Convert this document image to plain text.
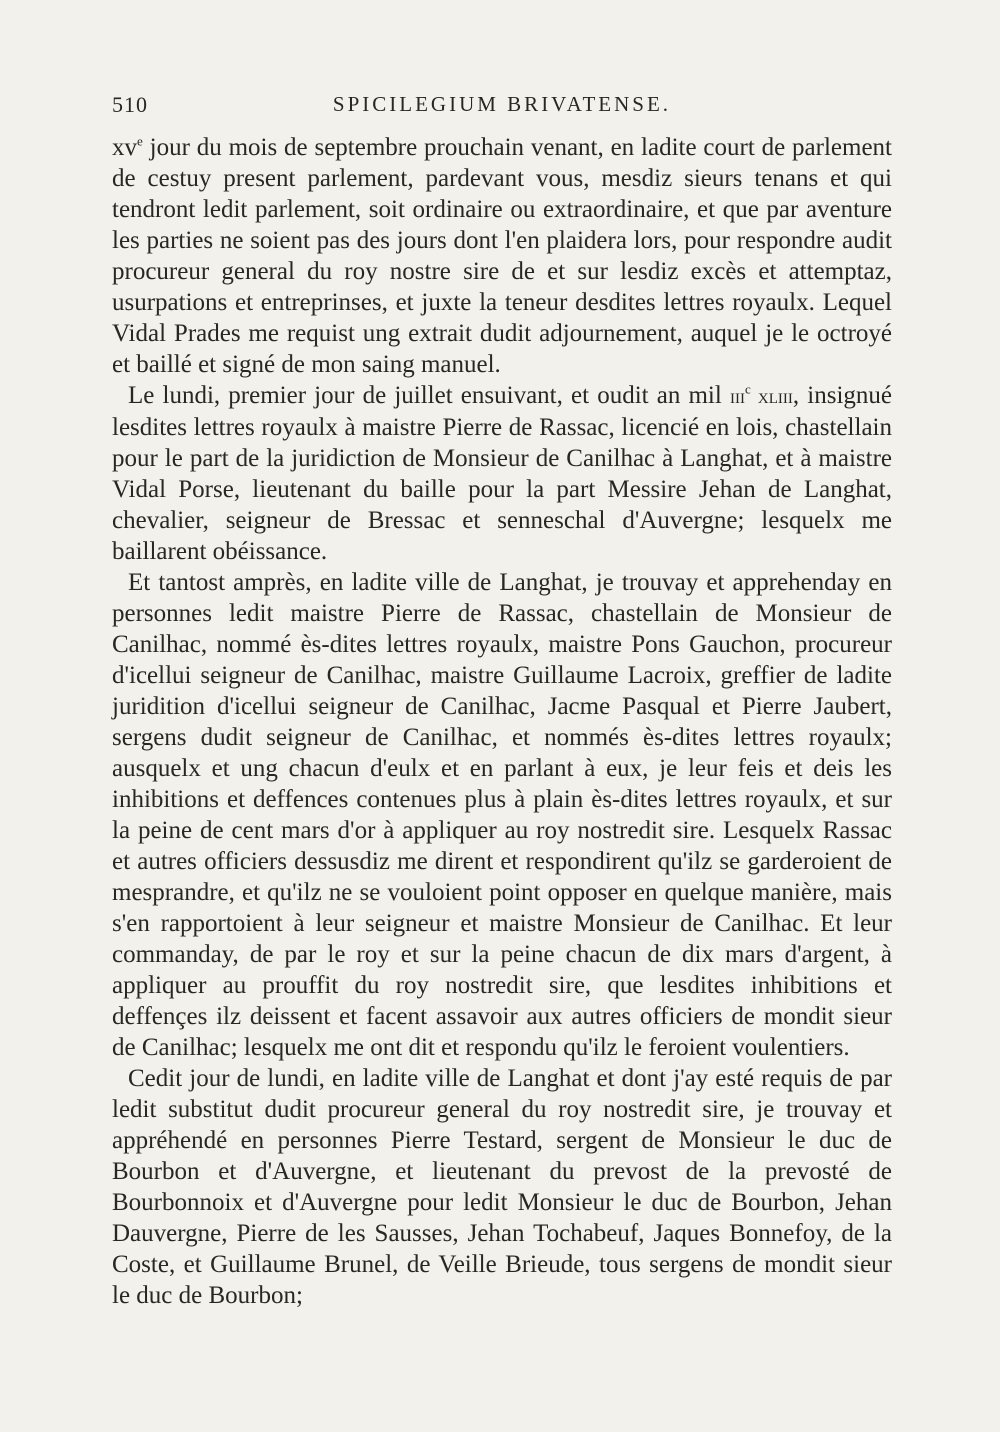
510	SPICILEGIUM BRIVATENSE.

$xv^e$ jour du mois de septembre prouchain venant, en ladite court de parlement de cestuy present parlement, pardevant vous, mesdiz sieurs tenans et qui tendront ledit parlement, soit ordinaire ou extraordinaire, et que par aventure les parties ne soient pas des jours dont l'en plaidera lors, pour respondre audit procureur general du roy nostre sire de et sur lesdiz excès et attemptaz, usurpations et entreprinses, et juxte la teneur desdites lettres royaulx. Lequel Vidal Prades me requist ung extrait dudit adjournement, auquel je le octroyé et baillé et signé de mon saing manuel.

Le lundi, premier jour de juillet ensuivant, et oudit an mil iii$^c$ xliii, insignué lesdites lettres royaulx à maistre Pierre de Rassac, licencié en lois, chastellain pour le part de la juridiction de Monsieur de Canilhac à Langhat, et à maistre Vidal Porse, lieutenant du baille pour la part Messire Jehan de Langhat, chevalier, seigneur de Bressac et senneschal d'Auvergne; lesquelx me baillarent obéissance.

Et tantost amprès, en ladite ville de Langhat, je trouvay et apprehenday en personnes ledit maistre Pierre de Rassac, chastellain de Monsieur de Canilhac, nommé ès-dites lettres royaulx, maistre Pons Gauchon, procureur d'icellui seigneur de Canilhac, maistre Guillaume Lacroix, greffier de ladite juridition d'icellui seigneur de Canilhac, Jacme Pasqual et Pierre Jaubert, sergens dudit seigneur de Canilhac, et nommés ès-dites lettres royaulx; ausquelx et ung chacun d'eulx et en parlant à eux, je leur feis et deis les inhibitions et deffences contenues plus à plain ès-dites lettres royaulx, et sur la peine de cent mars d'or à appliquer au roy nostredit sire. Lesquelx Rassac et autres officiers dessusdiz me dirent et respondirent qu'ilz se garderoient de mesprandre, et qu'ilz ne se vouloient point opposer en quelque manière, mais s'en rapportoient à leur seigneur et maistre Monsieur de Canilhac. Et leur commanday, de par le roy et sur la peine chacun de dix mars d'argent, à appliquer au prouffit du roy nostredit sire, que lesdites inhibitions et deffençes ilz deissent et facent assavoir aux autres officiers de mondit sieur de Canilhac; lesquelx me ont dit et respondu qu'ilz le feroient voulentiers.

Cedit jour de lundi, en ladite ville de Langhat et dont j'ay esté requis de par ledit substitut dudit procureur general du roy nostredit sire, je trouvay et appréhendé en personnes Pierre Testard, sergent de Monsieur le duc de Bourbon et d'Auvergne, et lieutenant du prevost de la prevosté de Bourbonnoix et d'Auvergne pour ledit Monsieur le duc de Bourbon, Jehan Dauvergne, Pierre de les Sausses, Jehan Tochabeuf, Jaques Bonnefoy, de la Coste, et Guillaume Brunel, de Veille Brieude, tous sergens de mondit sieur le duc de Bourbon;
